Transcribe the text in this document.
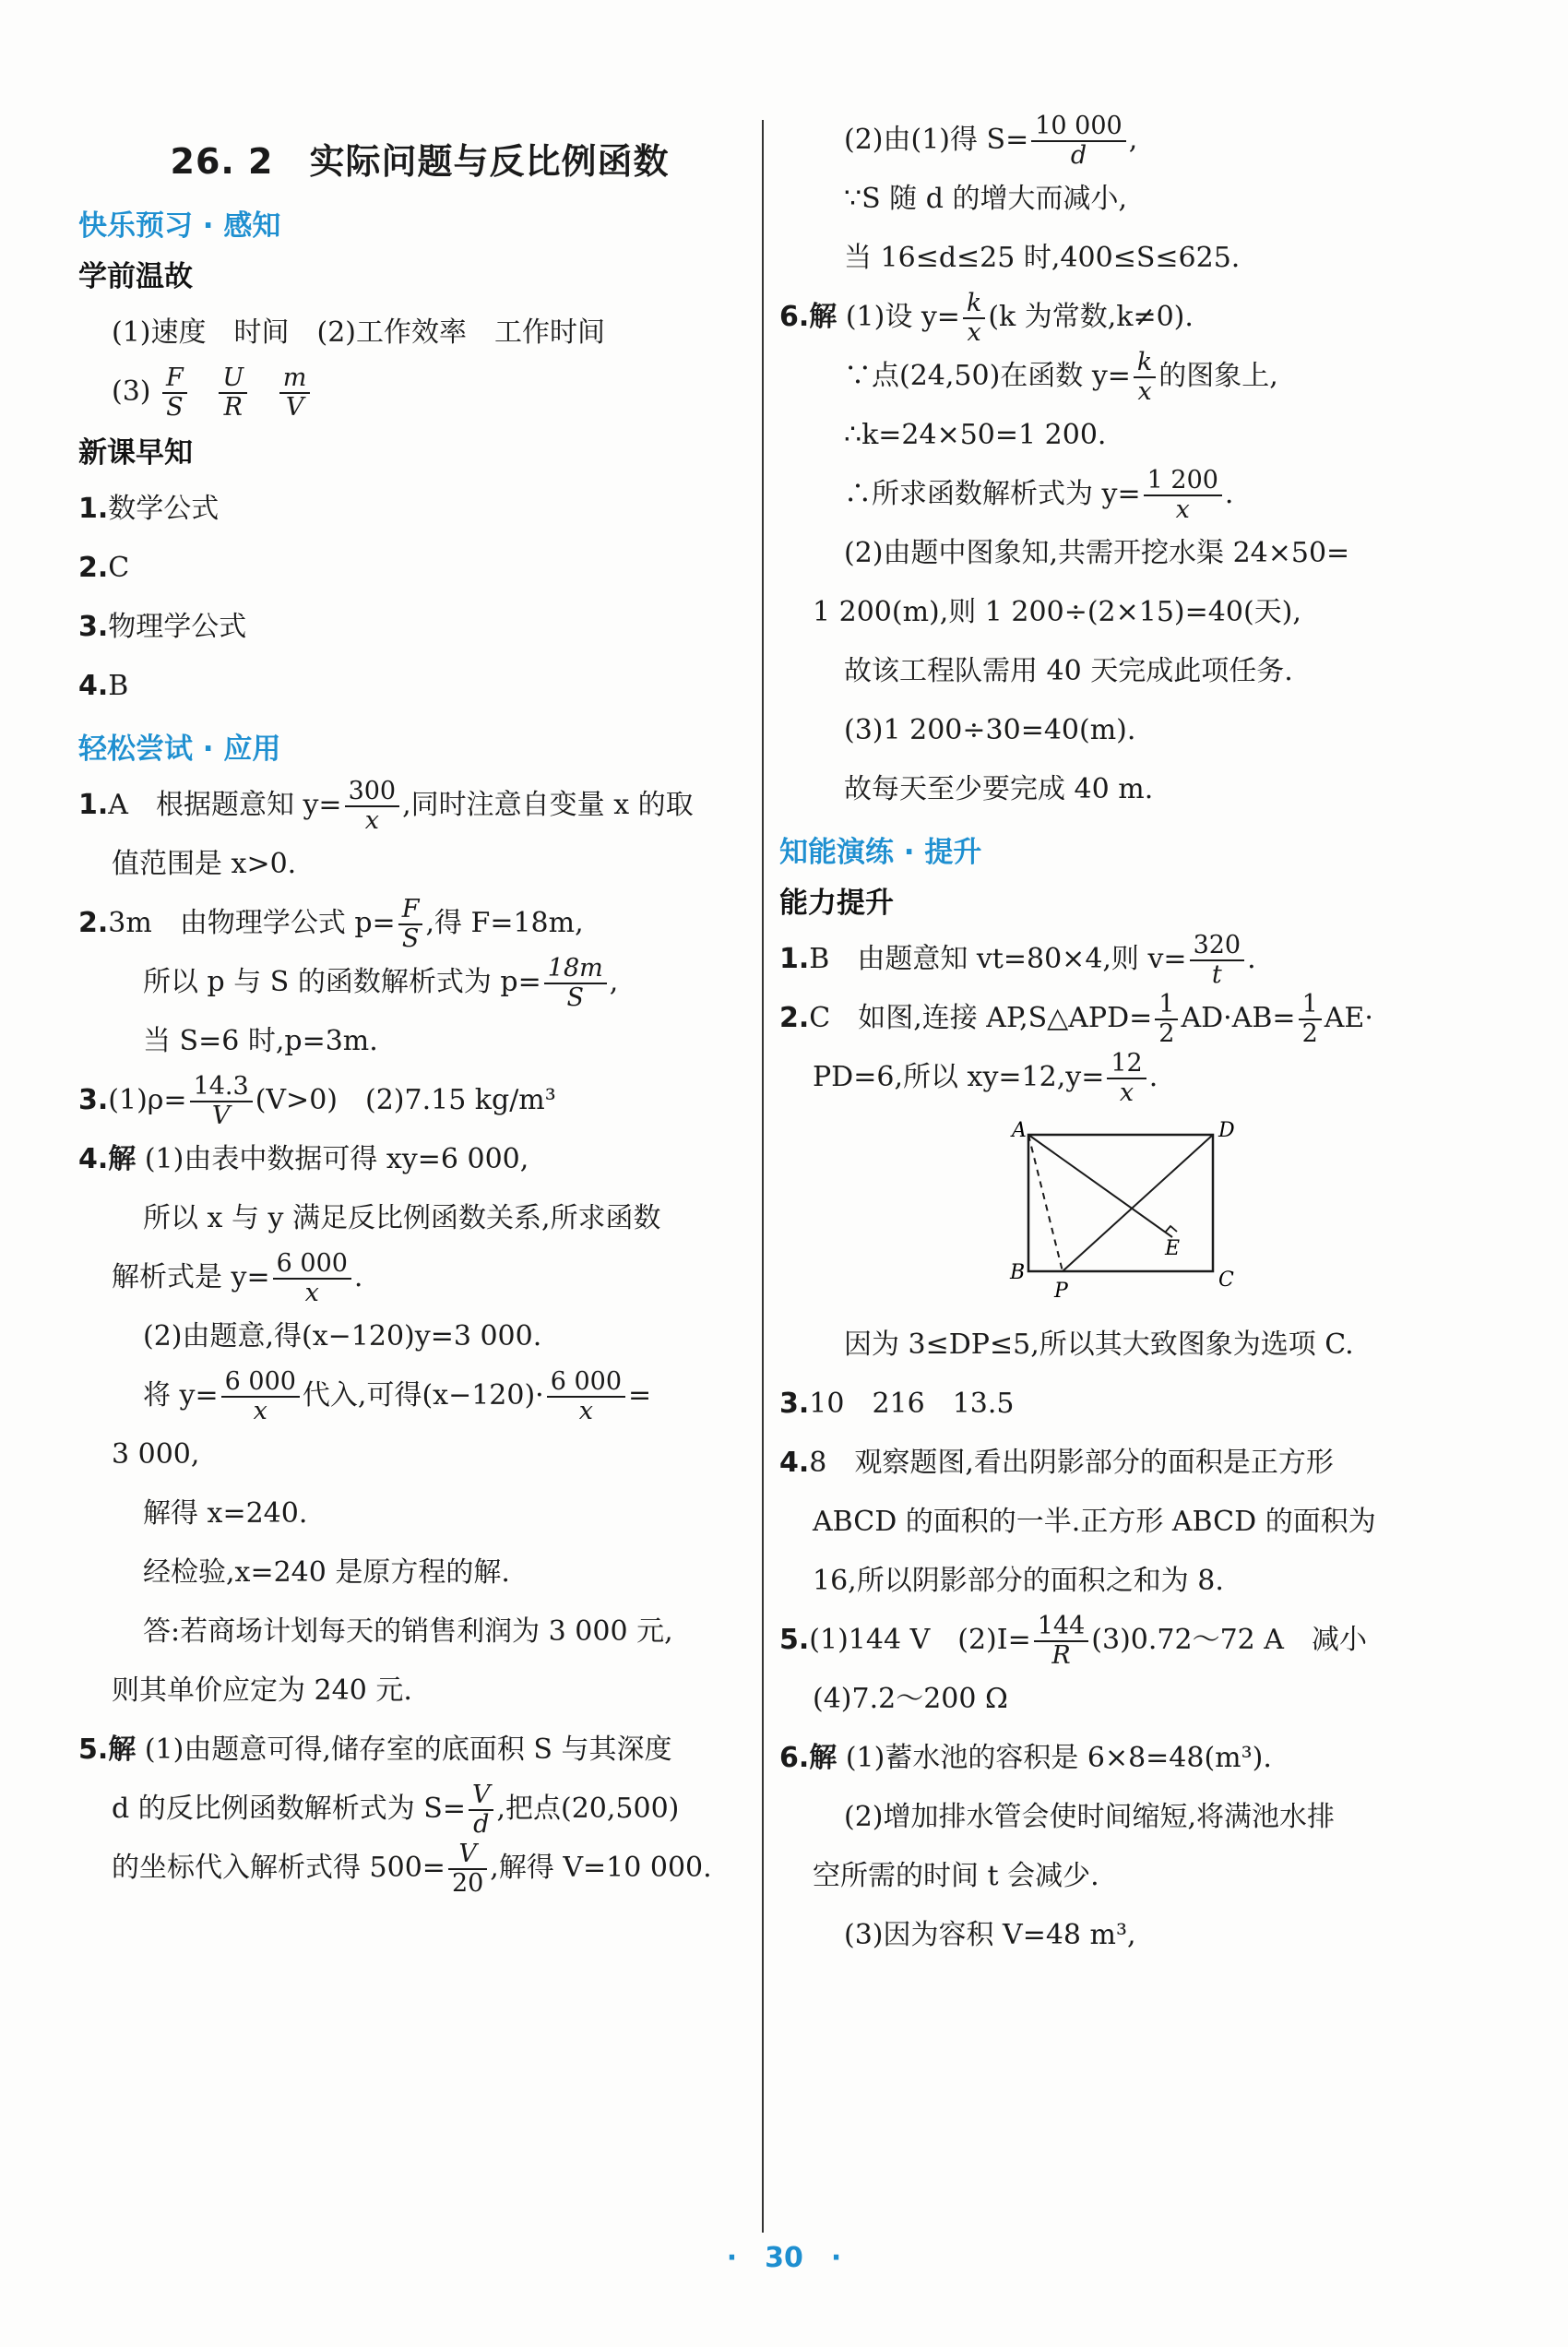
26. 2　实际问题与反比例函数
快乐预习 · 感知
学前温故
(1)速度　时间　(2)工作效率　工作时间
$(3) \frac{F}{S}$
$\frac{U}{R}$
$\frac{m}{V}$
新课早知
1.数学公式
2.C
3.物理学公式
4.B
轻松尝试 · 应用
1.A　根据题意知 $y= \frac{300}{x}$ ,同时注意自变量 x 的取
值范围是 x>0.
2.3m　由物理学公式 $p= \frac{F}{S}$ ,得 F=18m,
所以 p 与 S 的函数解析式为 $p= \frac{18m}{S}$ ,
当 S=6 时,p=3m.
$3.(1)\rho= \frac{14.3}{V} (V>0)$　(2)7.15 kg/m³
4.解 (1)由表中数据可得 xy=6 000,
所以 x 与 y 满足反比例函数关系,所求函数
解析式是 $y= \frac{6 000}{x}$ .
(2)由题意,得(x−120)y=3 000.
将 $y= \frac{6 000}{x}$ 代入,可得$(x-120)\cdot \frac{6 000}{x}$ =
3 000,
解得 x=240.
经检验,x=240 是原方程的解.
答:若商场计划每天的销售利润为 3 000 元,
则其单价应定为 240 元.
5.解 (1)由题意可得,储存室的底面积 S 与其深度
d 的反比例函数解析式为 $S= \frac{V}{d}$ ,把点(20,500)
的坐标代入解析式得 $500= \frac{V}{20}$ ,解得 V=10 000.
(2)由(1)得 $S= \frac{10 000}{d}$ ,
∵S 随 d 的增大而减小,
当 16≤d≤25 时,400≤S≤625.
6.解 (1)设 $y= \frac{k}{x} (k$ 为常数,k≠0).
∵点(24,50)在函数 $y= \frac{k}{x}$ 的图象上,
∴k=24×50=1 200.
∴所求函数解析式为 $y= \frac{1 200}{x}$ .
(2)由题中图象知,共需开挖水渠 24×50=
1 200(m),则 1 200÷(2×15)=40(天),
故该工程队需用 40 天完成此项任务.
(3)1 200÷30=40(m).
故每天至少要完成 40 m.
知能演练 · 提升
能力提升
1.B　由题意知 vt=80×4,则 $v= \frac{320}{t}$ .
2.C　如图,连接 AP,S△APD= $\frac{1}{2} AD\cdot AB= \frac{1}{2} AE\cdot$
PD=6,所以 $xy=12,y= \frac{12}{x}$ .
A	D
B	C
P
E
因为 3≤DP≤5,所以其大致图象为选项 C.
3.10　216　13.5
4.8　观察题图,看出阴影部分的面积是正方形
ABCD 的面积的一半.正方形 ABCD 的面积为
16,所以阴影部分的面积之和为 8.
5.(1)144 V　$(2)I= \frac{144}{R}$ (3)0.72～72 A　减小
(4)7.2～200 Ω
6.解 (1)蓄水池的容积是 6×8=48(m³).
(2)增加排水管会使时间缩短,将满池水排
空所需的时间 t 会减少.
(3)因为容积 V=48 m³,
· 30 ·
